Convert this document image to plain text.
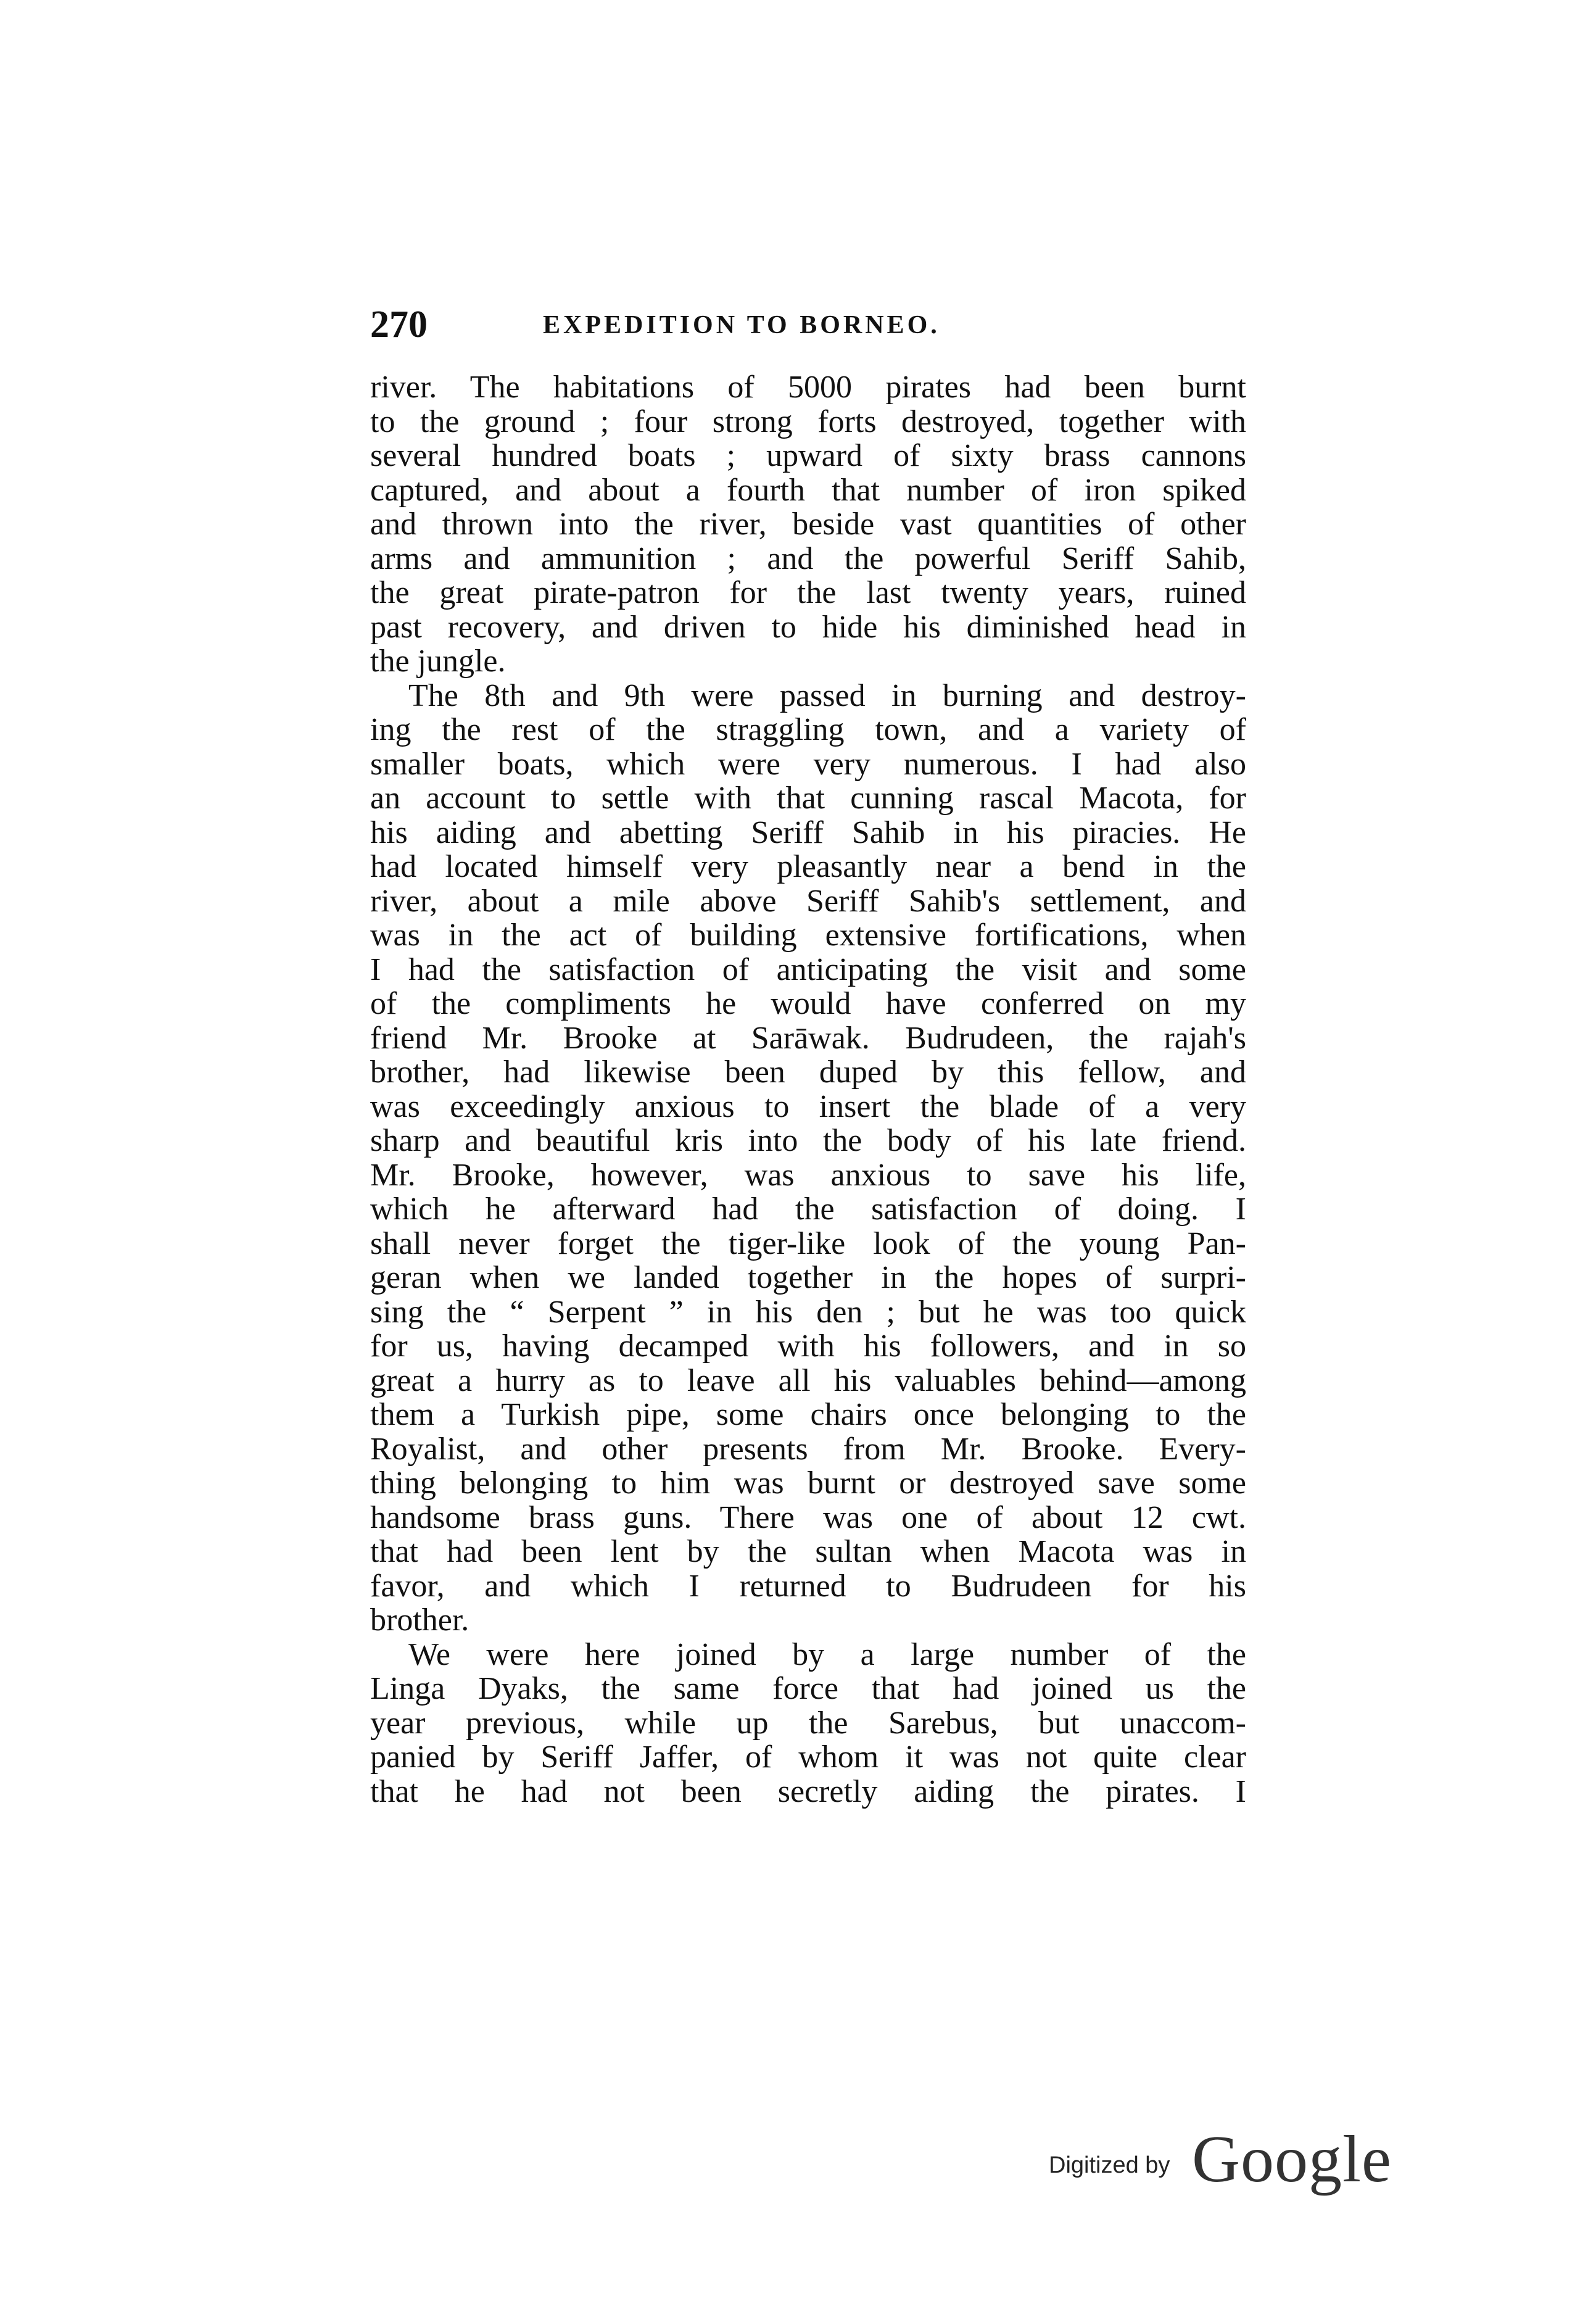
270	EXPEDITION TO BORNEO.
river. The habitations of 5000 pirates had been burnt
to the ground ; four strong forts destroyed, together with
several hundred boats ; upward of sixty brass cannons
captured, and about a fourth that number of iron spiked
and thrown into the river, beside vast quantities of other
arms and ammunition ; and the powerful Seriff Sahib,
the great pirate-patron for the last twenty years, ruined
past recovery, and driven to hide his diminished head in
the jungle.
The 8th and 9th were passed in burning and destroy-
ing the rest of the straggling town, and a variety of
smaller boats, which were very numerous. I had also
an account to settle with that cunning rascal Macota, for
his aiding and abetting Seriff Sahib in his piracies. He
had located himself very pleasantly near a bend in the
river, about a mile above Seriff Sahib's settlement, and
was in the act of building extensive fortifications, when
I had the satisfaction of anticipating the visit and some
of the compliments he would have conferred on my
friend Mr. Brooke at Sarāwak. Budrudeen, the rajah's
brother, had likewise been duped by this fellow, and
was exceedingly anxious to insert the blade of a very
sharp and beautiful kris into the body of his late friend.
Mr. Brooke, however, was anxious to save his life,
which he afterward had the satisfaction of doing. I
shall never forget the tiger-like look of the young Pan-
geran when we landed together in the hopes of surpri-
sing the “ Serpent ” in his den ; but he was too quick
for us, having decamped with his followers, and in so
great a hurry as to leave all his valuables behind—among
them a Turkish pipe, some chairs once belonging to the
Royalist, and other presents from Mr. Brooke. Every-
thing belonging to him was burnt or destroyed save some
handsome brass guns. There was one of about 12 cwt.
that had been lent by the sultan when Macota was in
favor, and which I returned to Budrudeen for his
brother.
We were here joined by a large number of the
Linga Dyaks, the same force that had joined us the
year previous, while up the Sarebus, but unaccom-
panied by Seriff Jaffer, of whom it was not quite clear
that he had not been secretly aiding the pirates. I
Digitized by Google
